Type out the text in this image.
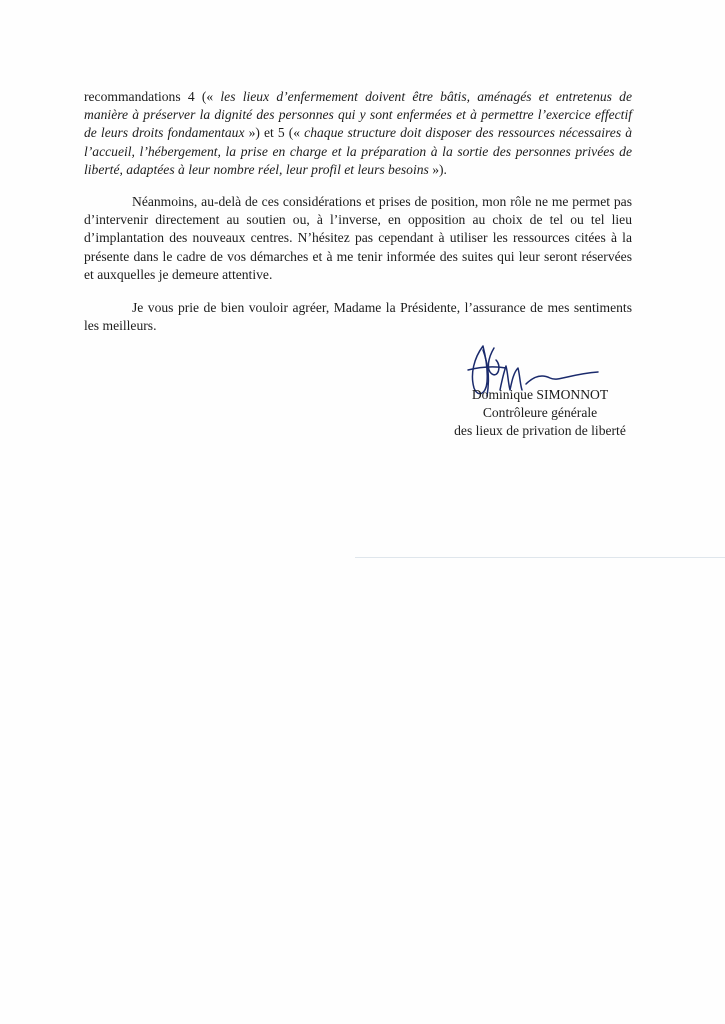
recommandations 4 (« les lieux d’enfermement doivent être bâtis, aménagés et entretenus de manière à préserver la dignité des personnes qui y sont enfermées et à permettre l’exercice effectif de leurs droits fondamentaux ») et 5 (« chaque structure doit disposer des ressources nécessaires à l’accueil, l’hébergement, la prise en charge et la préparation à la sortie des personnes privées de liberté, adaptées à leur nombre réel, leur profil et leurs besoins »).

Néanmoins, au-delà de ces considérations et prises de position, mon rôle ne me permet pas d’intervenir directement au soutien ou, à l’inverse, en opposition au choix de tel ou tel lieu d’implantation des nouveaux centres. N’hésitez pas cependant à utiliser les ressources citées à la présente dans le cadre de vos démarches et à me tenir informée des suites qui leur seront réservées et auxquelles je demeure attentive.

Je vous prie de bien vouloir agréer, Madame la Présidente, l’assurance de mes sentiments les meilleurs.

Dominique SIMONNOT
Contrôleure générale
des lieux de privation de liberté
